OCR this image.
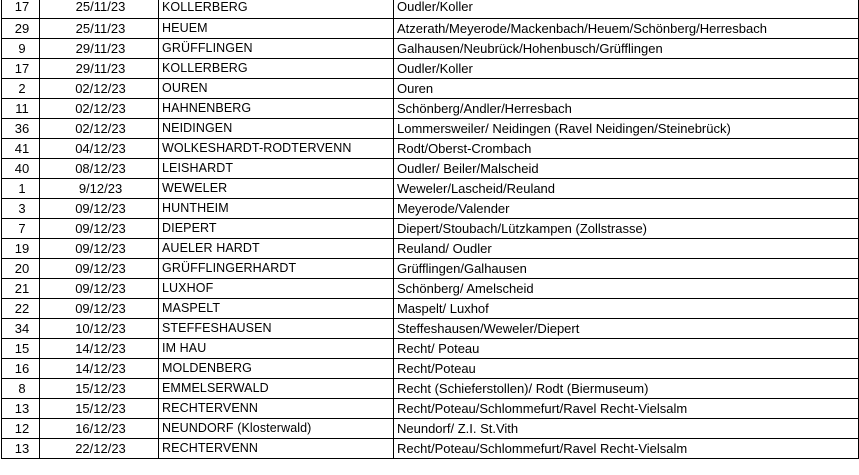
17	25/11/23	KOLLERBERG	Oudler/Koller
29	25/11/23	HEUEM	Atzerath/Meyerode/Mackenbach/Heuem/Schönberg/Herresbach
9	29/11/23	GRÜFFLINGEN	Galhausen/Neubrück/Hohenbusch/Grüfflingen
17	29/11/23	KOLLERBERG	Oudler/Koller
2	02/12/23	OUREN	Ouren
11	02/12/23	HAHNENBERG	Schönberg/Andler/Herresbach
36	02/12/23	NEIDINGEN	Lommersweiler/ Neidingen (Ravel Neidingen/Steinebrück)
41	04/12/23	WOLKESHARDT-RODTERVENN	Rodt/Oberst-Crombach
40	08/12/23	LEISHARDT	Oudler/ Beiler/Malscheid
1	9/12/23	WEWELER	Weweler/Lascheid/Reuland
3	09/12/23	HUNTHEIM	Meyerode/Valender
7	09/12/23	DIEPERT	Diepert/Stoubach/Lützkampen (Zollstrasse)
19	09/12/23	AUELER HARDT	Reuland/ Oudler
20	09/12/23	GRÜFFLINGERHARDT	Grüfflingen/Galhausen
21	09/12/23	LUXHOF	Schönberg/ Amelscheid
22	09/12/23	MASPELT	Maspelt/ Luxhof
34	10/12/23	STEFFESHAUSEN	Steffeshausen/Weweler/Diepert
15	14/12/23	IM HAU	Recht/ Poteau
16	14/12/23	MOLDENBERG	Recht/Poteau
8	15/12/23	EMMELSERWALD	Recht (Schieferstollen)/ Rodt (Biermuseum)
13	15/12/23	RECHTERVENN	Recht/Poteau/Schlommefurt/Ravel Recht-Vielsalm
12	16/12/23	NEUNDORF (Klosterwald)	Neundorf/ Z.I. St.Vith
13	22/12/23	RECHTERVENN	Recht/Poteau/Schlommefurt/Ravel Recht-Vielsalm
